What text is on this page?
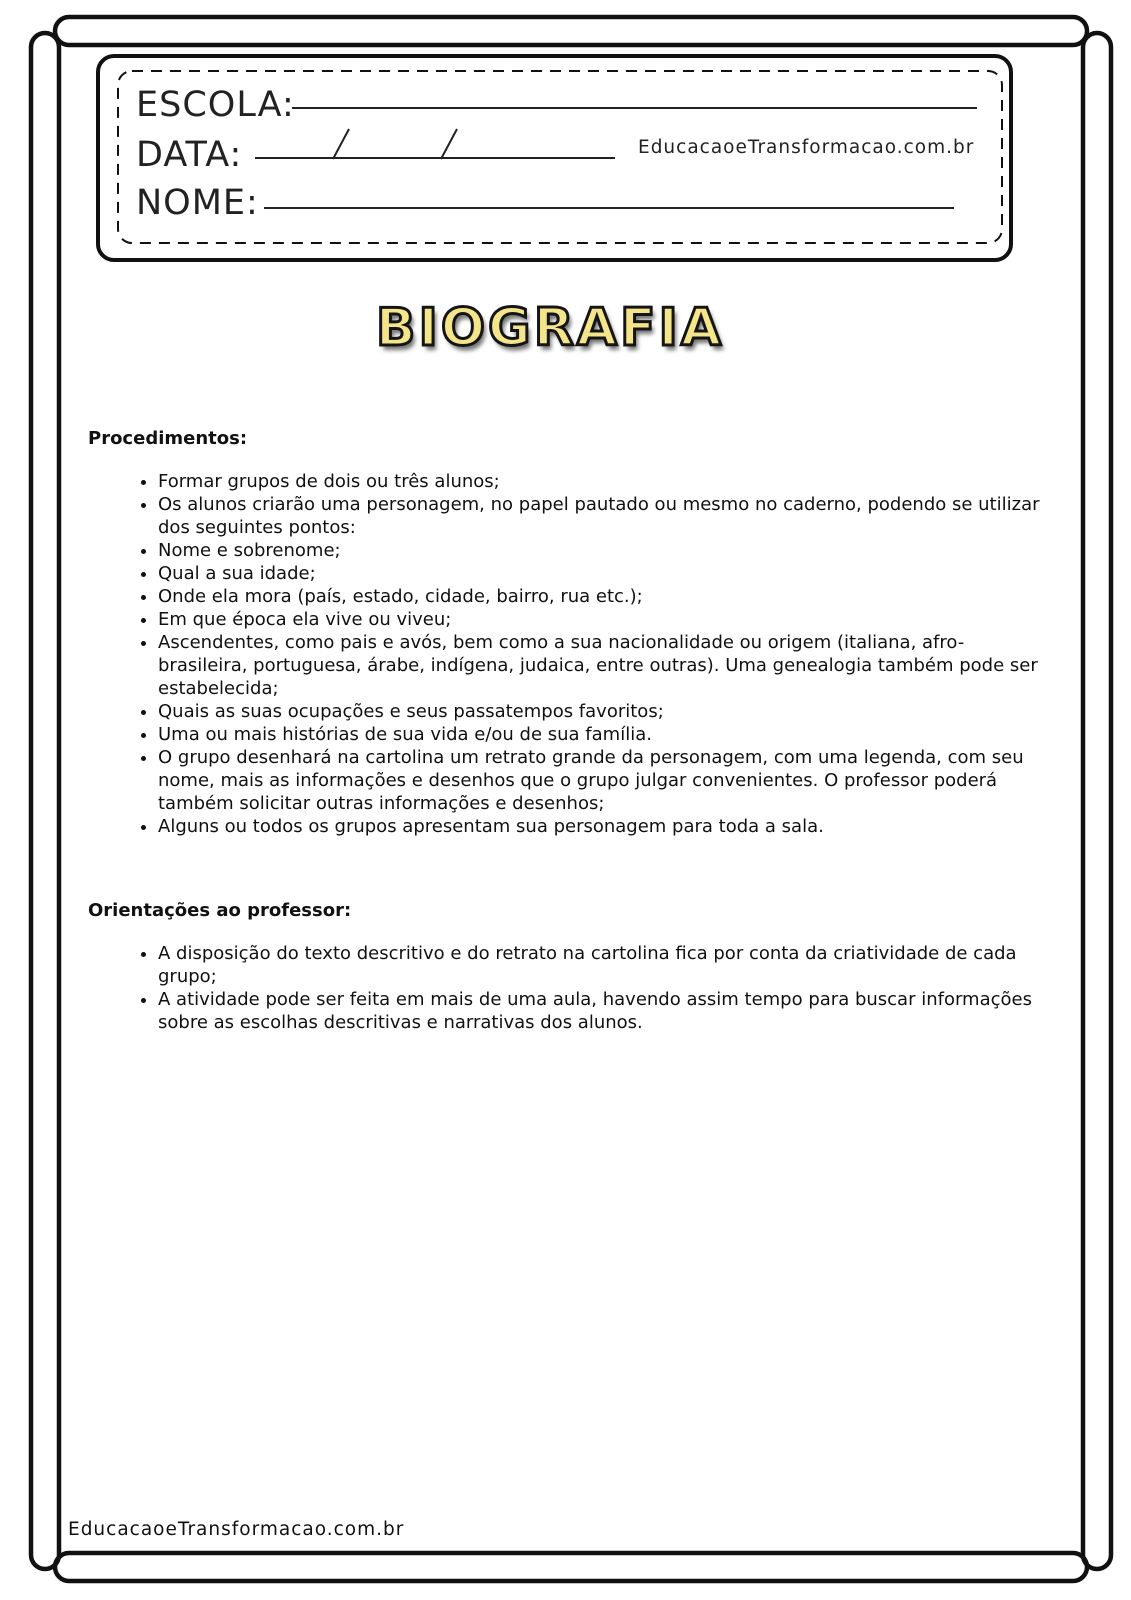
ESCOLA:
DATA:	EducacaoeTransformacao.com.br
NOME:
BIOGRAFIA

Procedimentos:

• Formar grupos de dois ou três alunos;
• Os alunos criarão uma personagem, no papel pautado ou mesmo no caderno, podendo se utilizar dos seguintes pontos:
• Nome e sobrenome;
• Qual a sua idade;
• Onde ela mora (país, estado, cidade, bairro, rua etc.);
• Em que época ela vive ou viveu;
• Ascendentes, como pais e avós, bem como a sua nacionalidade ou origem (italiana, afro-brasileira, portuguesa, árabe, indígena, judaica, entre outras). Uma genealogia também pode ser estabelecida;
• Quais as suas ocupações e seus passatempos favoritos;
• Uma ou mais histórias de sua vida e/ou de sua família.
• O grupo desenhará na cartolina um retrato grande da personagem, com uma legenda, com seu nome, mais as informações e desenhos que o grupo julgar convenientes. O professor poderá também solicitar outras informações e desenhos;
• Alguns ou todos os grupos apresentam sua personagem para toda a sala.

Orientações ao professor:

• A disposição do texto descritivo e do retrato na cartolina fica por conta da criatividade de cada grupo;
• A atividade pode ser feita em mais de uma aula, havendo assim tempo para buscar informações sobre as escolhas descritivas e narrativas dos alunos.
EducacaoeTransformacao.com.br
